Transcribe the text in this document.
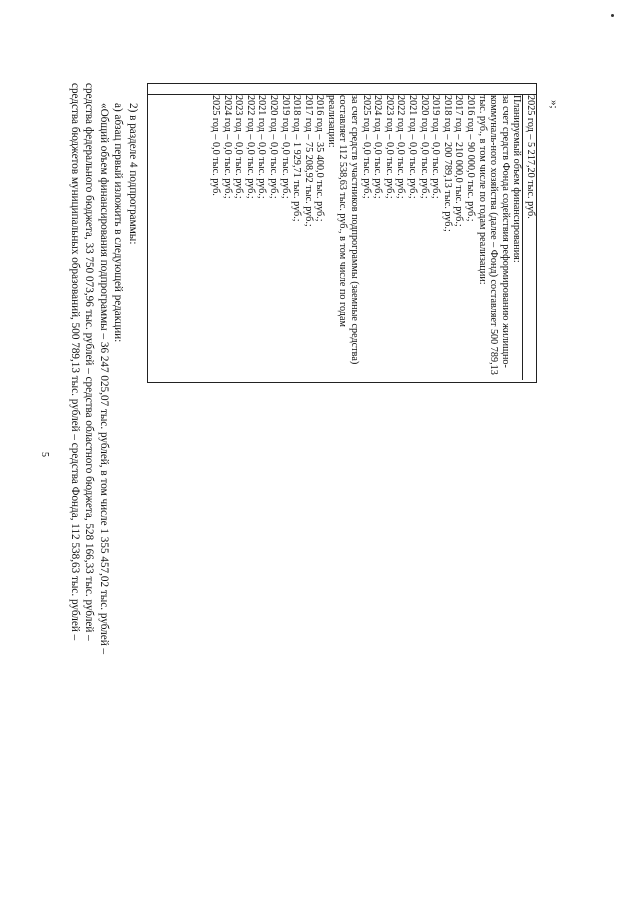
5
»;

2025 год – 5 217,20 тыс. руб.

Планируемый объем финансирования:

за счет средств Фонда содействия реформированию жилищно-коммуналь-ного хозяйства (далее – Фонд) составляет 500 789,13 тыс. руб., в том числе по годам реализации:

2016 год – 90 000,0 тыс. руб.;

2017 год – 210 000,0 тыс. руб.;

2018 год – 200 789,13 тыс. руб.;

2019 год – 0,0 тыс. руб.;

2020 год – 0,0 тыс. руб.;

2021 год – 0,0 тыс. руб.;

2022 год – 0,0 тыс. руб.;

2023 год – 0,0 тыс. руб.;

2024 год – 0,0 тыс. руб.;

2025 год – 0,0 тыс. руб.;

за счет средств участников подпрограммы (заемные средства) составляет 112 538,63 тыс. руб., в том числе по годам реализации:

2016 год – 35 400,0 тыс. руб.;

2017 год – 75 208,92 тыс. руб.;

2018 год – 1 929,71 тыс. руб.;

2019 год – 0,0 тыс. руб.;

2020 год – 0,0 тыс. руб.;

2021 год – 0,0 тыс. руб.;

2022 год – 0,0 тыс. руб.;

2023 год – 0,0 тыс. руб.;

2024 год – 0,0 тыс. руб.;

2025 год – 0,0 тыс. руб.

2) в разделе 4 подпрограммы:

а) абзац первый изложить в следующей редакции:

«Общий объем финансирования подпрограммы – 36 247 025,07 тыс. рублей, в том числе 1 355 457,02 тыс. рублей –

средства федерального бюджета, 33 750 073,96 тыс. рублей – средства областного бюджета, 528 166,33 тыс. рублей –

средства бюджетов муниципальных образований, 500 789,13 тыс. рублей – средства Фонда, 112 538,63 тыс. рублей –
